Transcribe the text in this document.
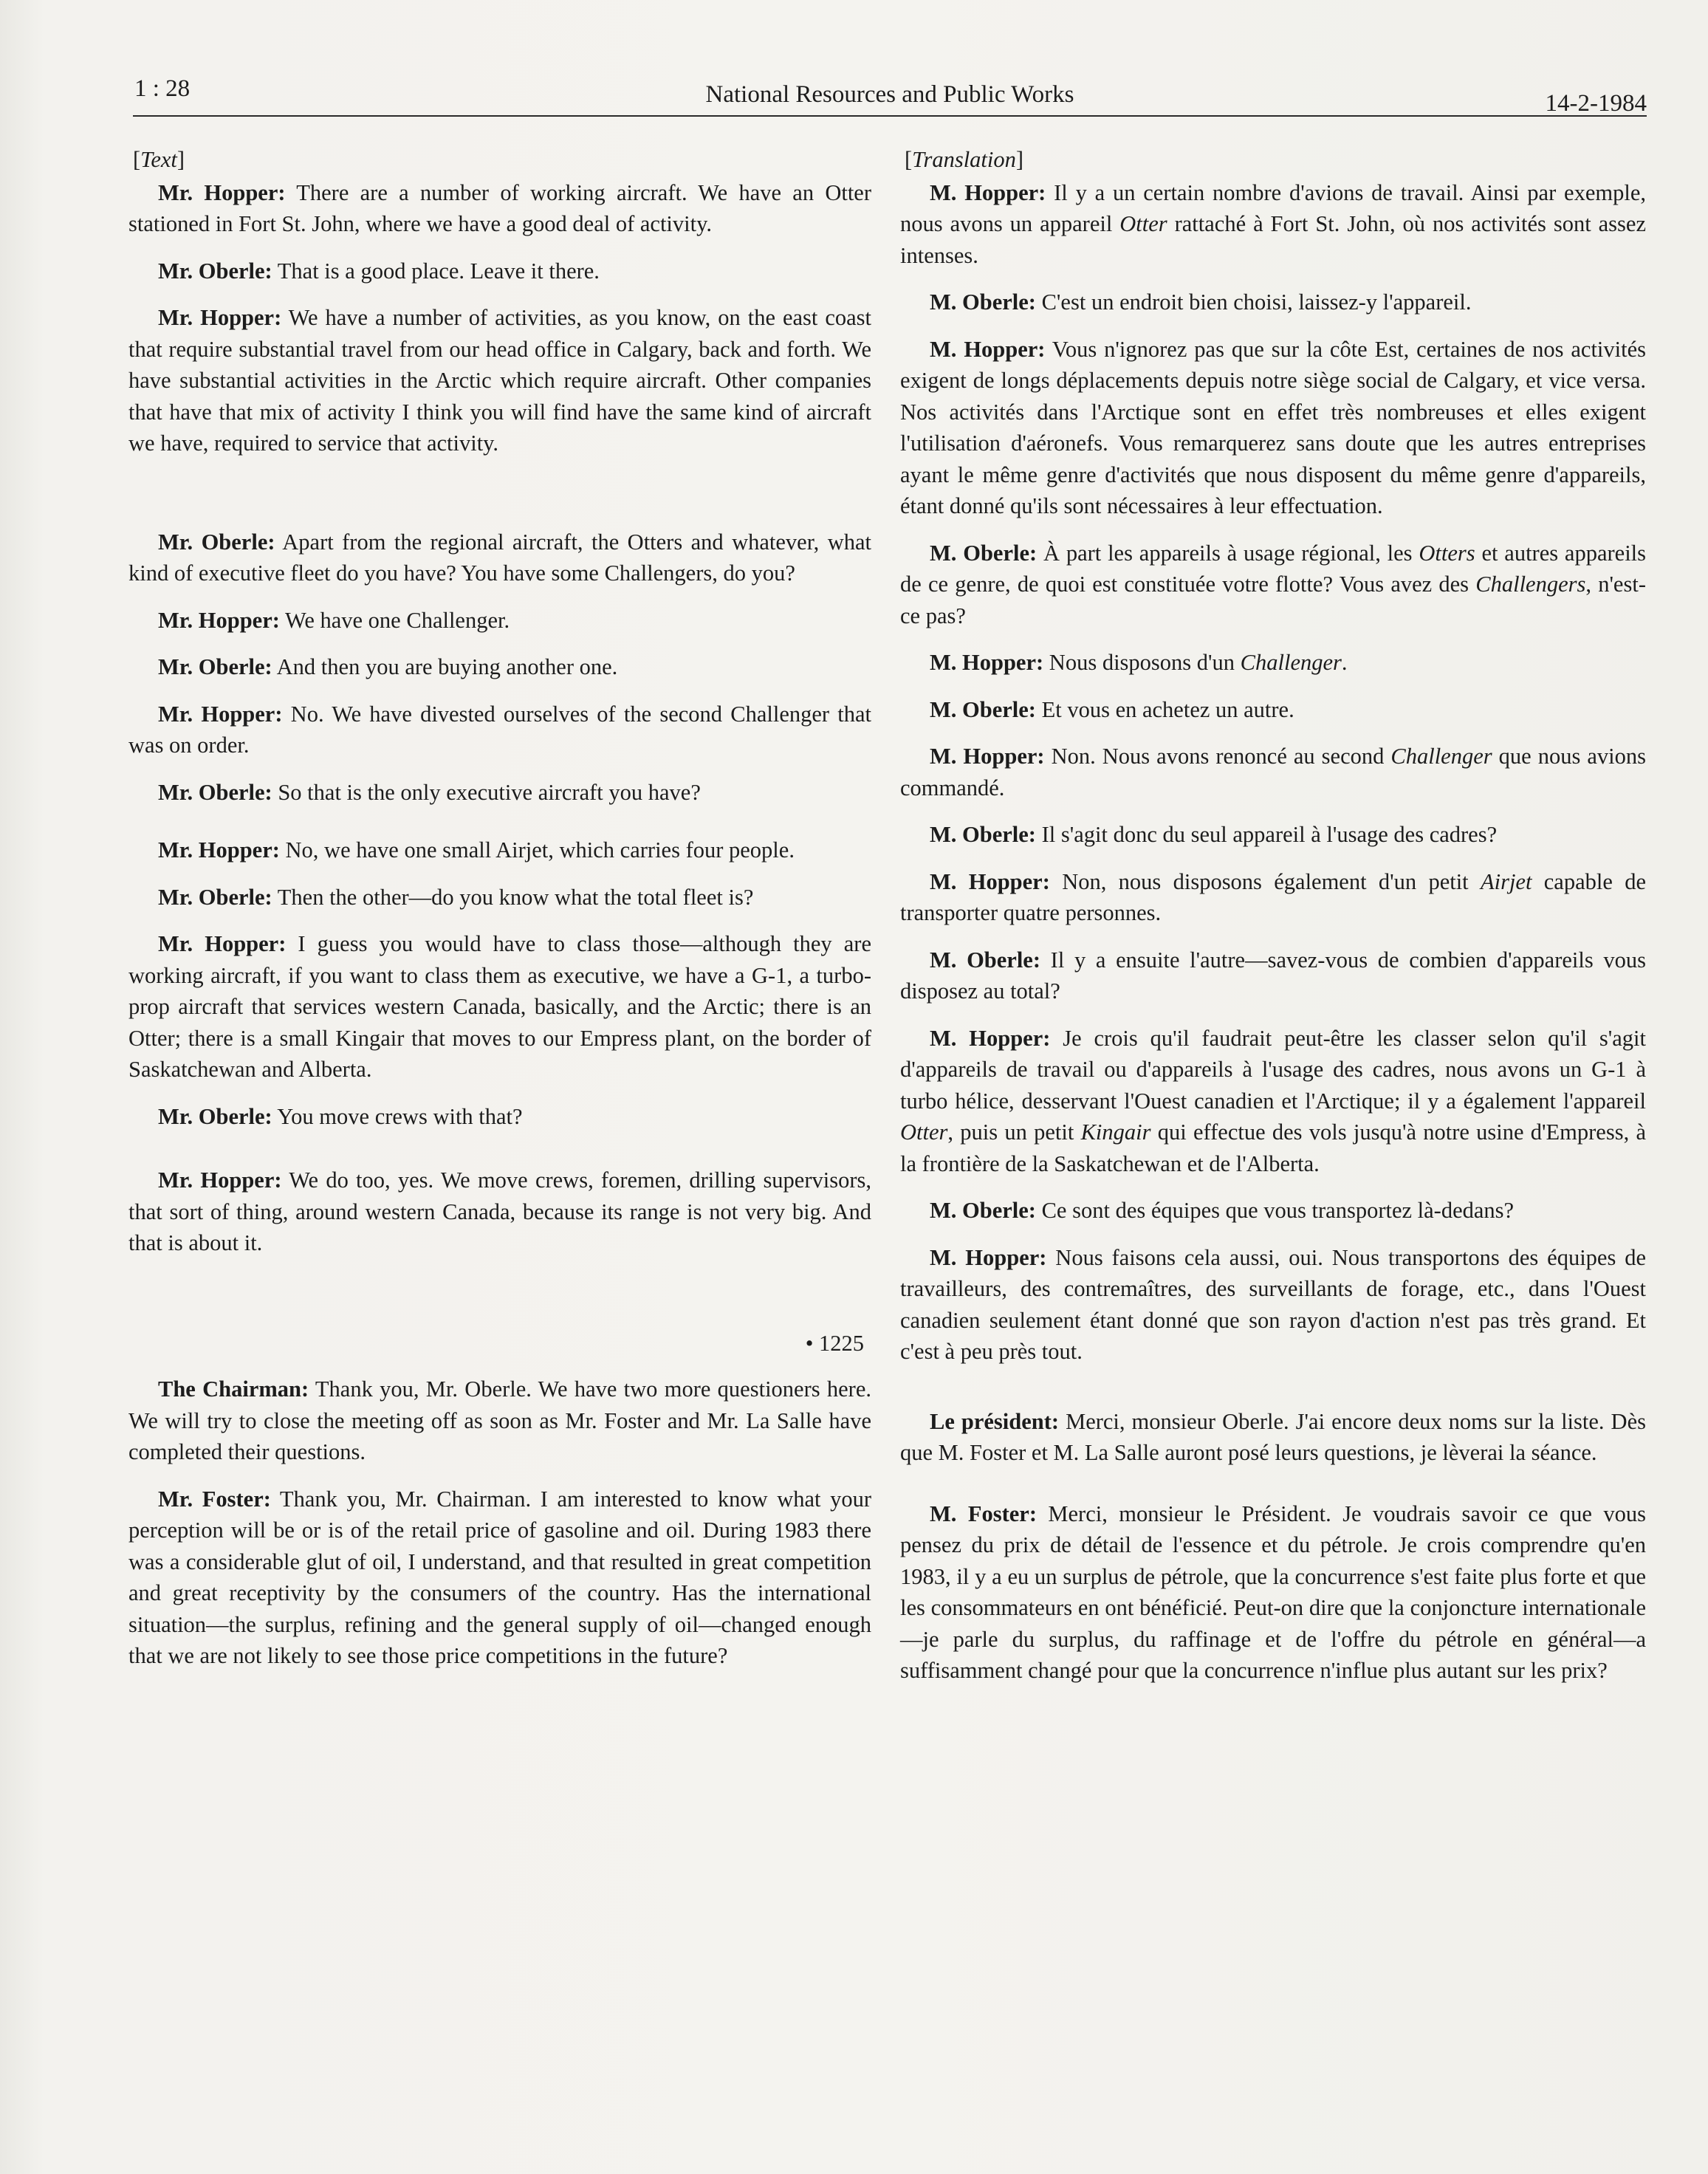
1 : 28	National Resources and Public Works	14-2-1984
[Text]

Mr. Hopper: There are a number of working aircraft. We have an Otter stationed in Fort St. John, where we have a good deal of activity.

Mr. Oberle: That is a good place. Leave it there.

Mr. Hopper: We have a number of activities, as you know, on the east coast that require substantial travel from our head office in Calgary, back and forth. We have substantial activities in the Arctic which require aircraft. Other companies that have that mix of activity I think you will find have the same kind of aircraft we have, required to service that activity.

Mr. Oberle: Apart from the regional aircraft, the Otters and whatever, what kind of executive fleet do you have? You have some Challengers, do you?

Mr. Hopper: We have one Challenger.

Mr. Oberle: And then you are buying another one.

Mr. Hopper: No. We have divested ourselves of the second Challenger that was on order.

Mr. Oberle: So that is the only executive aircraft you have?

Mr. Hopper: No, we have one small Airjet, which carries four people.

Mr. Oberle: Then the other—do you know what the total fleet is?

Mr. Hopper: I guess you would have to class those—although they are working aircraft, if you want to class them as executive, we have a G-1, a turbo-prop aircraft that services western Canada, basically, and the Arctic; there is an Otter; there is a small Kingair that moves to our Empress plant, on the border of Saskatchewan and Alberta.

Mr. Oberle: You move crews with that?

Mr. Hopper: We do too, yes. We move crews, foremen, drilling supervisors, that sort of thing, around western Canada, because its range is not very big. And that is about it.

• 1225

The Chairman: Thank you, Mr. Oberle. We have two more questioners here. We will try to close the meeting off as soon as Mr. Foster and Mr. La Salle have completed their questions.

Mr. Foster: Thank you, Mr. Chairman. I am interested to know what your perception will be or is of the retail price of gasoline and oil. During 1983 there was a considerable glut of oil, I understand, and that resulted in great competition and great receptivity by the consumers of the country. Has the international situation—the surplus, refining and the general supply of oil—changed enough that we are not likely to see those price competitions in the future?

[Translation]

M. Hopper: Il y a un certain nombre d'avions de travail. Ainsi par exemple, nous avons un appareil Otter rattaché à Fort St. John, où nos activités sont assez intenses.

M. Oberle: C'est un endroit bien choisi, laissez-y l'appareil.

M. Hopper: Vous n'ignorez pas que sur la côte Est, certaines de nos activités exigent de longs déplacements depuis notre siège social de Calgary, et vice versa. Nos activités dans l'Arctique sont en effet très nombreuses et elles exigent l'utilisation d'aéronefs. Vous remarquerez sans doute que les autres entreprises ayant le même genre d'activités que nous disposent du même genre d'appareils, étant donné qu'ils sont nécessaires à leur effectuation.

M. Oberle: À part les appareils à usage régional, les Otters et autres appareils de ce genre, de quoi est constituée votre flotte? Vous avez des Challengers, n'est-ce pas?

M. Hopper: Nous disposons d'un Challenger.

M. Oberle: Et vous en achetez un autre.

M. Hopper: Non. Nous avons renoncé au second Challenger que nous avions commandé.

M. Oberle: Il s'agit donc du seul appareil à l'usage des cadres?

M. Hopper: Non, nous disposons également d'un petit Airjet capable de transporter quatre personnes.

M. Oberle: Il y a ensuite l'autre—savez-vous de combien d'appareils vous disposez au total?

M. Hopper: Je crois qu'il faudrait peut-être les classer selon qu'il s'agit d'appareils de travail ou d'appareils à l'usage des cadres, nous avons un G-1 à turbo hélice, desservant l'Ouest canadien et l'Arctique; il y a également l'appareil Otter, puis un petit Kingair qui effectue des vols jusqu'à notre usine d'Empress, à la frontière de la Saskatchewan et de l'Alberta.

M. Oberle: Ce sont des équipes que vous transportez là-dedans?

M. Hopper: Nous faisons cela aussi, oui. Nous transportons des équipes de travailleurs, des contremaîtres, des surveillants de forage, etc., dans l'Ouest canadien seulement étant donné que son rayon d'action n'est pas très grand. Et c'est à peu près tout.

Le président: Merci, monsieur Oberle. J'ai encore deux noms sur la liste. Dès que M. Foster et M. La Salle auront posé leurs questions, je lèverai la séance.

M. Foster: Merci, monsieur le Président. Je voudrais savoir ce que vous pensez du prix de détail de l'essence et du pétrole. Je crois comprendre qu'en 1983, il y a eu un surplus de pétrole, que la concurrence s'est faite plus forte et que les consommateurs en ont bénéficié. Peut-on dire que la conjoncture internationale—je parle du surplus, du raffinage et de l'offre du pétrole en général—a suffisamment changé pour que la concurrence n'influe plus autant sur les prix?
